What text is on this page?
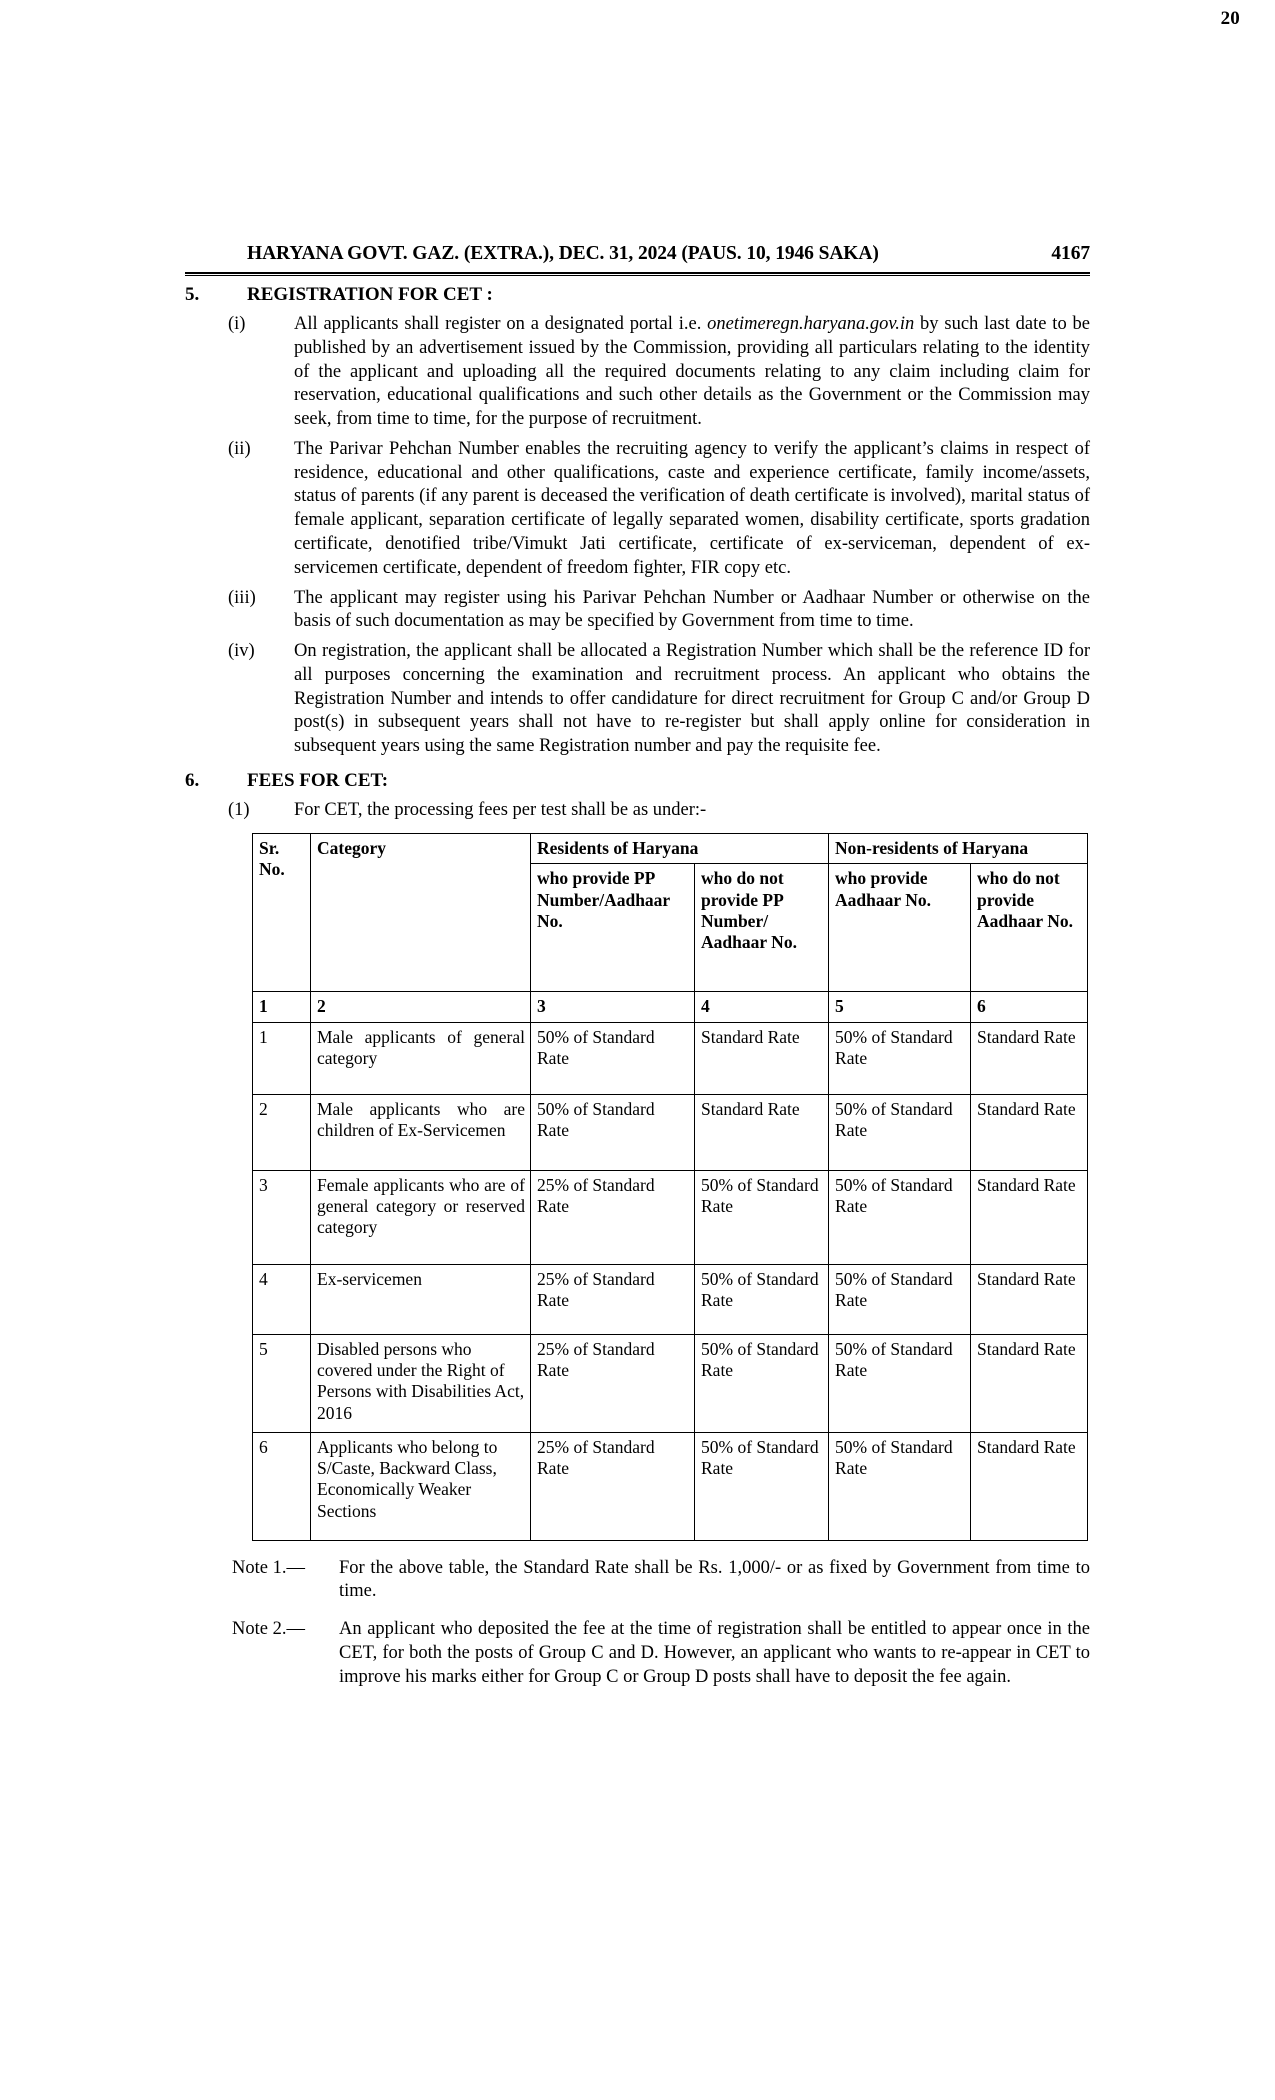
20
HARYANA GOVT. GAZ. (EXTRA.), DEC. 31, 2024 (PAUS. 10, 1946 SAKA)	4167
5.	REGISTRATION FOR CET :
(i)	All applicants shall register on a designated portal i.e. onetimeregn.haryana.gov.in by such last date to be published by an advertisement issued by the Commission, providing all particulars relating to the identity of the applicant and uploading all the required documents relating to any claim including claim for reservation, educational qualifications and such other details as the Government or the Commission may seek, from time to time, for the purpose of recruitment.
(ii)	The Parivar Pehchan Number enables the recruiting agency to verify the applicant’s claims in respect of residence, educational and other qualifications, caste and experience certificate, family income/assets, status of parents (if any parent is deceased the verification of death certificate is involved), marital status of female applicant, separation certificate of legally separated women, disability certificate, sports gradation certificate, denotified tribe/Vimukt Jati certificate, certificate of ex-serviceman, dependent of ex-servicemen certificate, dependent of freedom fighter, FIR copy etc.
(iii)	The applicant may register using his Parivar Pehchan Number or Aadhaar Number or otherwise on the basis of such documentation as may be specified by Government from time to time.
(iv)	On registration, the applicant shall be allocated a Registration Number which shall be the reference ID for all purposes concerning the examination and recruitment process. An applicant who obtains the Registration Number and intends to offer candidature for direct recruitment for Group C and/or Group D post(s) in subsequent years shall not have to re-register but shall apply online for consideration in subsequent years using the same Registration number and pay the requisite fee.
6.	FEES FOR CET:
(1) For CET, the processing fees per test shall be as under:-
Sr.
No.	Category	Residents of Haryana		Non-residents of Haryana	
		who provide PP Number/Aadhaar No.	who do not provide PP Number/ Aadhaar No.	who provide Aadhaar No.	who do not provide Aadhaar No.
1	2	3	4	5	6
1	Male applicants of general category	50% of Standard Rate	Standard Rate	50% of Standard Rate	Standard Rate
2	Male applicants who are children of Ex-Servicemen	50% of Standard Rate	Standard Rate	50% of Standard Rate	Standard Rate
3	Female applicants who are of general category or reserved category	25% of Standard Rate	50% of Standard Rate	50% of Standard Rate	Standard Rate
4	Ex-servicemen	25% of Standard Rate	50% of Standard Rate	50% of Standard Rate	Standard Rate
5	Disabled persons who covered under the Right of Persons with Disabilities Act, 2016	25% of Standard Rate	50% of Standard Rate	50% of Standard Rate	Standard Rate
6	Applicants who belong to S/Caste, Backward Class, Economically Weaker Sections	25% of Standard Rate	50% of Standard Rate	50% of Standard Rate	Standard Rate
Note 1.— For the above table, the Standard Rate shall be Rs. 1,000/- or as fixed by Government from time to time.
Note 2.— An applicant who deposited the fee at the time of registration shall be entitled to appear once in the CET, for both the posts of Group C and D. However, an applicant who wants to re-appear in CET to improve his marks either for Group C or Group D posts shall have to deposit the fee again.
